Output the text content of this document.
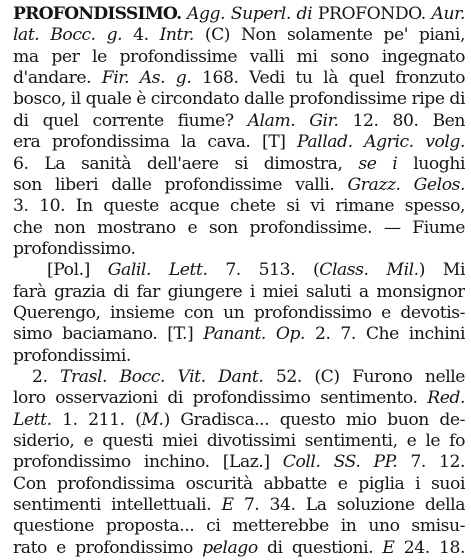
PROFONDISSIMO. Agg. Superl. di PROFONDO. Aur.
lat. Bocc. g. 4. Intr. (C) Non solamente pe' piani,
ma per le profondissime valli mi sono ingegnato
d'andare. Fir. As. g. 168. Vedi tu là quel fronzuto
bosco, il quale è circondato dalle profondissime ripe di
di quel corrente fiume? Alam. Gir. 12. 80. Ben
era profondissima la cava. [T] Pallad. Agric. volg.
6. La sanità dell'aere si dimostra, se i luoghi
son liberi dalle profondissime valli. Grazz. Gelos.
3. 10. In queste acque chete si vi rimane spesso,
che non mostrano e son profondissime. — Fiume
profondissimo.
[Pol.] Galil. Lett. 7. 513. (Class. Mil.) Mi
farà grazia di far giungere i miei saluti a monsignor
Querengo, insieme con un profondissimo e devotis-
simo baciamano. [T.] Panant. Op. 2. 7. Che inchini
profondissimi.
2. Trasl. Bocc. Vit. Dant. 52. (C) Furono nelle
loro osservazioni di profondissimo sentimento. Red.
Lett. 1. 211. (M.) Gradisca... questo mio buon de-
siderio, e questi miei divotissimi sentimenti, e le fo
profondissimo inchino. [Laz.] Coll. SS. PP. 7. 12.
Con profondissima oscurità abbatte e piglia i suoi
sentimenti intellettuali. E 7. 34. La soluzione della
questione proposta... ci metterebbe in uno smisu-
rato e profondissimo pelago di questioni. E 24. 18.
